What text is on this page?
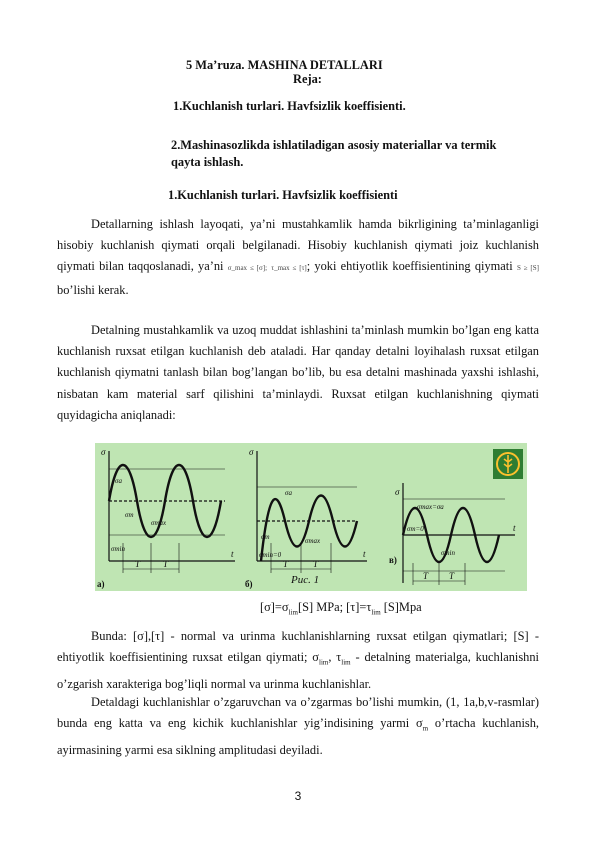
5 Ma’ruza. MASHINA DETALLARI
Reja:
1.Kuchlanish turlari. Havfsizlik koeffisienti.
2.Mashinasozlikda ishlatiladigan asosiy materiallar va termik
qayta ishlash.
1.Kuchlanish turlari. Havfsizlik koeffisienti
Detallarning ishlash layoqati, ya’ni mustahkamlik hamda bikrligining ta’minlaganligi hisobiy kuchlanish qiymati orqali belgilanadi. Hisobiy kuchlanish qiymati joiz kuchlanish qiymati bilan taqqoslanadi, ya’ni σ_max ≤ [σ]; τ_max ≤ [τ]; yoki ehtiyotlik koeffisientining qiymati S ≥ [S] bo’lishi kerak.
Detalning mustahkamlik va uzoq muddat ishlashini ta’minlash mumkin bo’lgan eng katta kuchlanish ruxsat etilgan kuchlanish deb ataladi. Har qanday detalni loyihalash ruxsat etilgan kuchlanish qiymatni tanlash bilan bog’langan bo’lib, bu esa detalni mashinada yaxshi ishlashi, nisbatan kam material sarf qilishini ta’minlaydi. Ruxsat etilgan kuchlanishning qiymati quyidagicha aniqlanadi:
σ
t
σa
σm
σmax
σmin
T	T
а)
σ
t
σa
σm	σmax
σmin=0
T	T
б)
σ
t
σm=0
σmax=σa
σmin
T T
в)
Рис. 1
$[\sigma]=\sigma_{lim}[S]$ MPa; $[\tau]=\tau_{lim}$ [S]Mpa
Bunda: [σ],[τ] - normal va urinma kuchlanishlarning ruxsat etilgan qiymatlari; [S] - ehtiyotlik koeffisientining ruxsat etilgan qiymati; $\sigma_{lim}$, $\tau_{lim}$ - detalning materialga, kuchlanishni o’zgarish xarakteriga bog’liqli normal va urinma kuchlanishlar.
Detaldagi kuchlanishlar o’zgaruvchan va o’zgarmas bo’lishi mumkin, (1, 1a,b,v-rasmlar) bunda eng katta va eng kichik kuchlanishlar yig’indisining yarmi $\sigma_m$ o’rtacha kuchlanish, ayirmasining yarmi esa siklning amplitudasi deyiladi.
3
